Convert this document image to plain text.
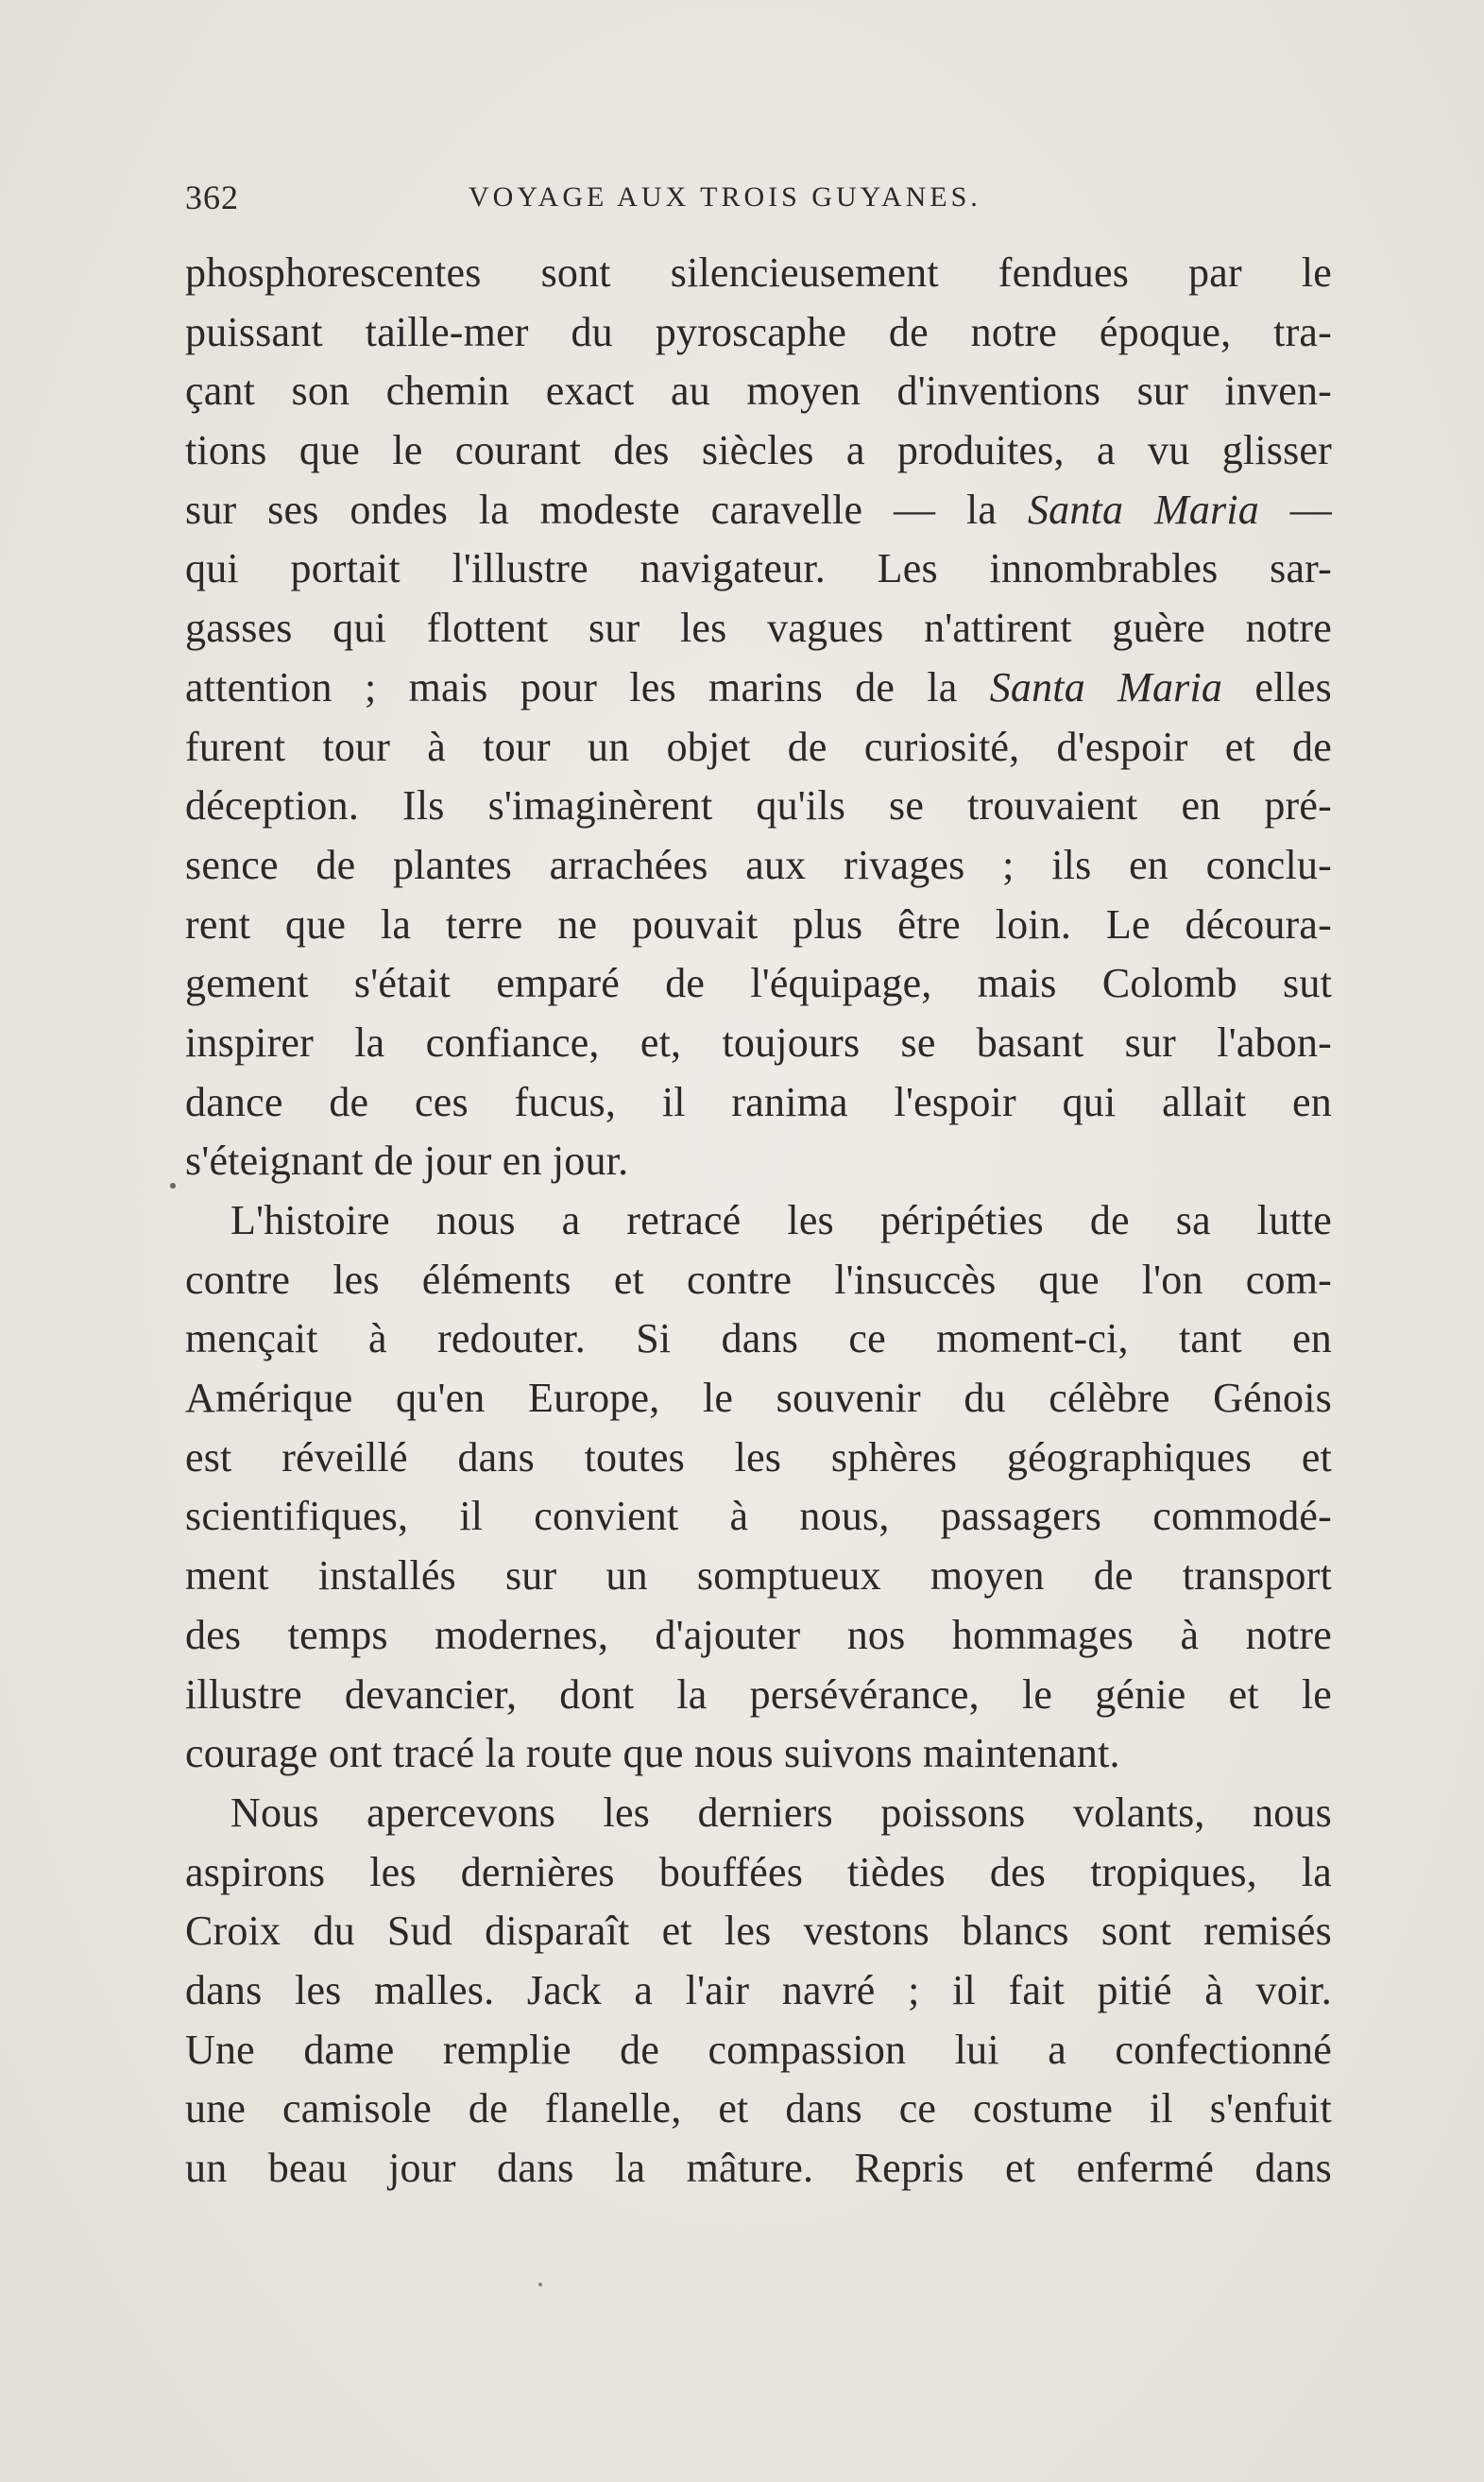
362	VOYAGE AUX TROIS GUYANES.
phosphorescentes sont silencieusement fendues par le
puissant taille-mer du pyroscaphe de notre époque, tra-
çant son chemin exact au moyen d'inventions sur inven-
tions que le courant des siècles a produites, a vu glisser
sur ses ondes la modeste caravelle — la Santa Maria —
qui portait l'illustre navigateur. Les innombrables sar-
gasses qui flottent sur les vagues n'attirent guère notre
attention ; mais pour les marins de la Santa Maria elles
furent tour à tour un objet de curiosité, d'espoir et de
déception. Ils s'imaginèrent qu'ils se trouvaient en pré-
sence de plantes arrachées aux rivages ; ils en conclu-
rent que la terre ne pouvait plus être loin. Le découra-
gement s'était emparé de l'équipage, mais Colomb sut
inspirer la confiance, et, toujours se basant sur l'abon-
dance de ces fucus, il ranima l'espoir qui allait en
s'éteignant de jour en jour.
L'histoire nous a retracé les péripéties de sa lutte
contre les éléments et contre l'insuccès que l'on com-
mençait à redouter. Si dans ce moment-ci, tant en
Amérique qu'en Europe, le souvenir du célèbre Génois
est réveillé dans toutes les sphères géographiques et
scientifiques, il convient à nous, passagers commodé-
ment installés sur un somptueux moyen de transport
des temps modernes, d'ajouter nos hommages à notre
illustre devancier, dont la persévérance, le génie et le
courage ont tracé la route que nous suivons maintenant.
Nous apercevons les derniers poissons volants, nous
aspirons les dernières bouffées tièdes des tropiques, la
Croix du Sud disparaît et les vestons blancs sont remisés
dans les malles. Jack a l'air navré ; il fait pitié à voir.
Une dame remplie de compassion lui a confectionné
une camisole de flanelle, et dans ce costume il s'enfuit
un beau jour dans la mâture. Repris et enfermé dans
